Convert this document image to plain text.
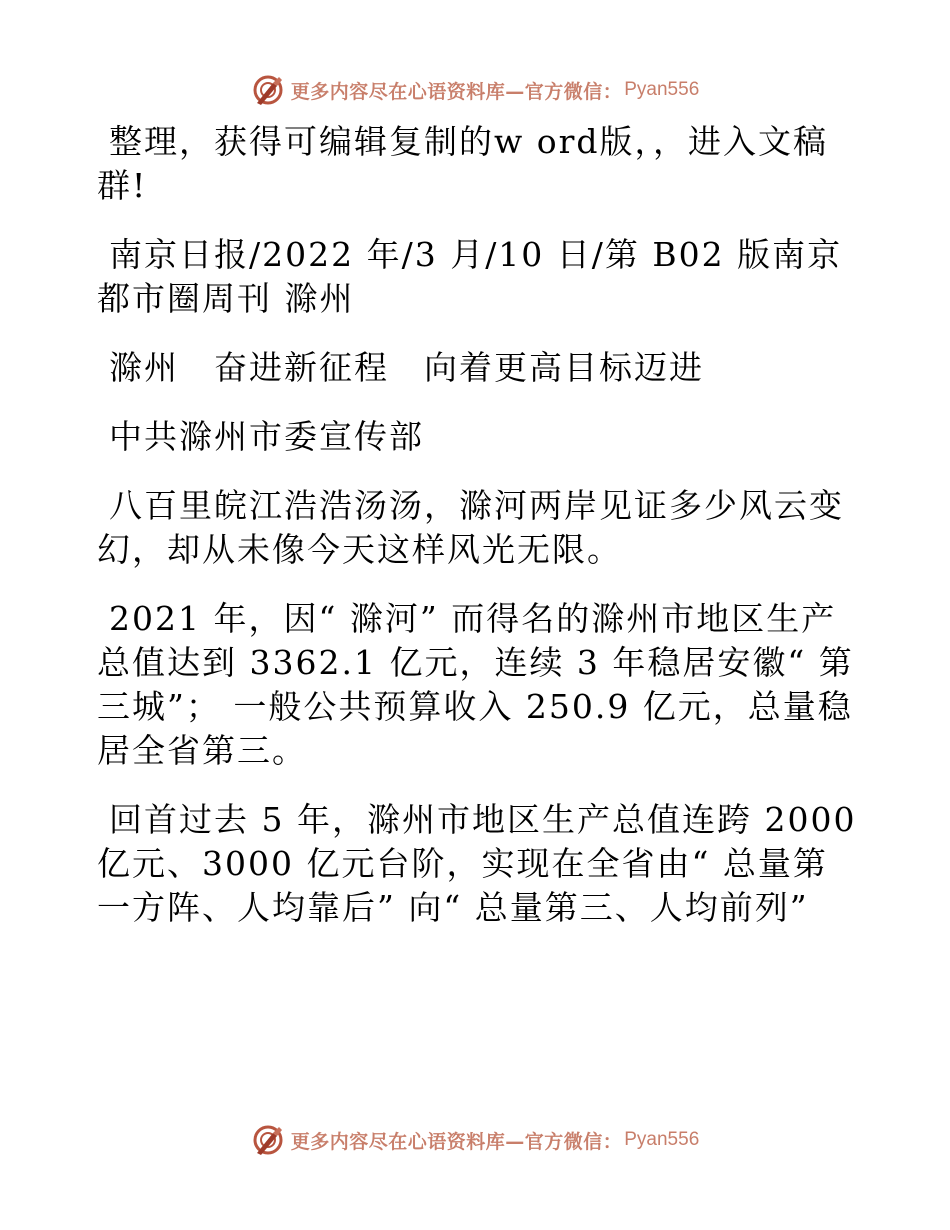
更多内容尽在心语资料库—官方微信： Pyan556

整理，获得可编辑复制的w ord版，，进入文稿群!

南京日报/2022 年/3 月/10 日/第 B02 版南京都市圈周刊 滁州

滁州　奋进新征程　向着更高目标迈进

中共滁州市委宣传部

八百里皖江浩浩汤汤，滁河两岸见证多少风云变幻，却从未像今天这样风光无限。

2021 年，因“ 滁河” 而得名的滁州市地区生产总值达到 3362.1 亿元，连续 3 年稳居安徽“ 第三城”； 一般公共预算收入 250.9 亿元，总量稳居全省第三。

回首过去 5 年，滁州市地区生产总值连跨 2000 亿元、3000 亿元台阶，实现在全省由“ 总量第一方阵、人均靠后” 向“ 总量第三、人均前列”

更多内容尽在心语资料库—官方微信： Pyan556
